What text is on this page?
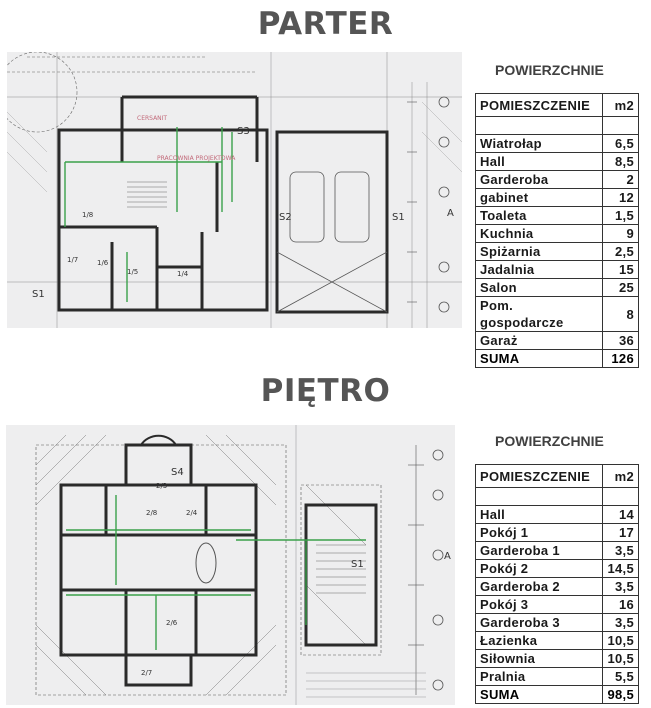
PARTER
CERSANIT
PRACOWNIA PROJEKTOWA
S3
S1
S2	S1
1/8
1/6
1/4
1/5
1/7
A
POWIERZCHNIE
POMIESZCZENIE	m2

Wiatrołap	6,5
Hall	8,5
Garderoba	2
gabinet	12
Toaleta	1,5
Kuchnia	9
Spiżarnia	2,5
Jadalnia	15
Salon	25
Pom. gospodarcze	8
Garaż	36
SUMA	126
PIĘTRO
S4
S1
2/8	2/4
2/6
2/7
2/3
A
POWIERZCHNIE
POMIESZCZENIE	m2

Hall	14
Pokój 1	17
Garderoba 1	3,5
Pokój 2	14,5
Garderoba 2	3,5
Pokój 3	16
Garderoba 3	3,5
Łazienka	10,5
Siłownia	10,5
Pralnia	5,5
SUMA	98,5
